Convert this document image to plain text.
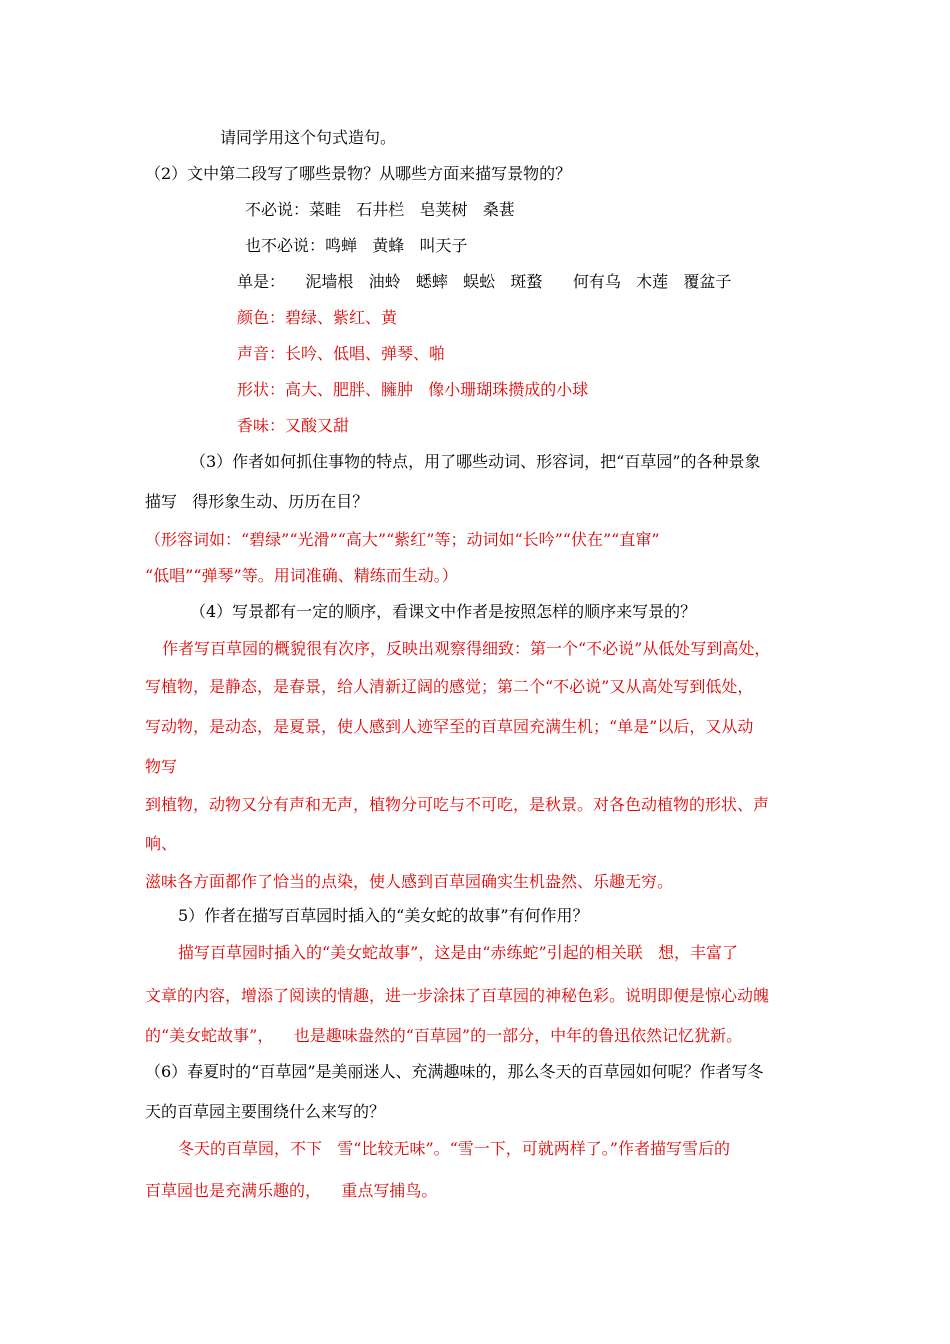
请同学用这个句式造句。
（2）文中第二段写了哪些景物？从哪些方面来描写景物的？
不必说：菜畦   石井栏   皂荚树   桑葚
也不必说：鸣蝉   黄蜂   叫天子
单是：    泥墙根   油蛉   蟋蟀   蜈蚣   斑蝥      何有乌   木莲   覆盆子
颜色：碧绿、紫红、黄
声音：长吟、低唱、弹琴、啪
形状：高大、肥胖、臃肿   像小珊瑚珠攒成的小球
香味：又酸又甜
（3）作者如何抓住事物的特点，用了哪些动词、形容词，把“百草园”的各种景象
描写   得形象生动、历历在目？
（形容词如：“碧绿”“光滑”“高大”“紫红”等；动词如“长吟”“伏在”“直窜”
“低唱”“弹琴”等。用词准确、精练而生动。）
（4）写景都有一定的顺序，看课文中作者是按照怎样的顺序来写景的？
作者写百草园的概貌很有次序，反映出观察得细致：第一个“不必说”从低处写到高处，
写植物，是静态，是春景，给人清新辽阔的感觉；第二个“不必说”又从高处写到低处，
写动物，是动态，是夏景，使人感到人迹罕至的百草园充满生机；“单是”以后，又从动
物写
到植物，动物又分有声和无声，植物分可吃与不可吃，是秋景。对各色动植物的形状、声
响、
滋味各方面都作了恰当的点染，使人感到百草园确实生机盎然、乐趣无穷。
5）作者在描写百草园时插入的“美女蛇的故事”有何作用？
描写百草园时插入的“美女蛇故事”，这是由“赤练蛇”引起的相关联   想，丰富了
文章的内容，增添了阅读的情趣，进一步涂抹了百草园的神秘色彩。说明即便是惊心动魄
的“美女蛇故事”，    也是趣味盎然的“百草园”的一部分，中年的鲁迅依然记忆犹新。
（6）春夏时的“百草园”是美丽迷人、充满趣味的，那么冬天的百草园如何呢？作者写冬
天的百草园主要围绕什么来写的？
冬天的百草园，不下   雪“比较无味”。“雪一下，可就两样了。”作者描写雪后的
百草园也是充满乐趣的，    重点写捕鸟。
